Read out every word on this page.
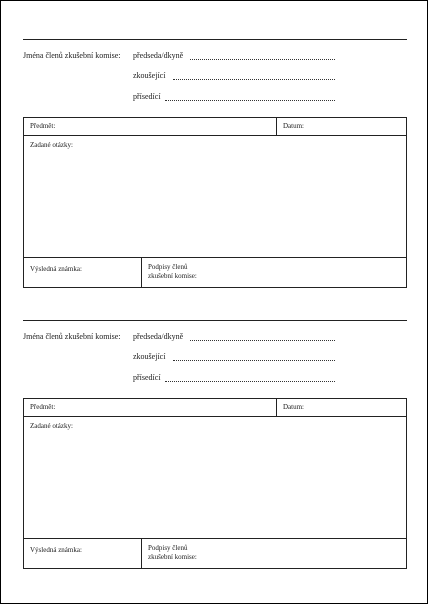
Jména členů zkušební komise: předseda/dkyně
zkoušející
přísedící
Předmět:	Datum:
Zadané otázky:
Výsledná známka:	Podpisy členů
zkušební komise:
Jména členů zkušební komise: předseda/dkyně
zkoušející
přísedící
Předmět:	Datum:
Zadané otázky:
Výsledná známka:	Podpisy členů
zkušební komise:
